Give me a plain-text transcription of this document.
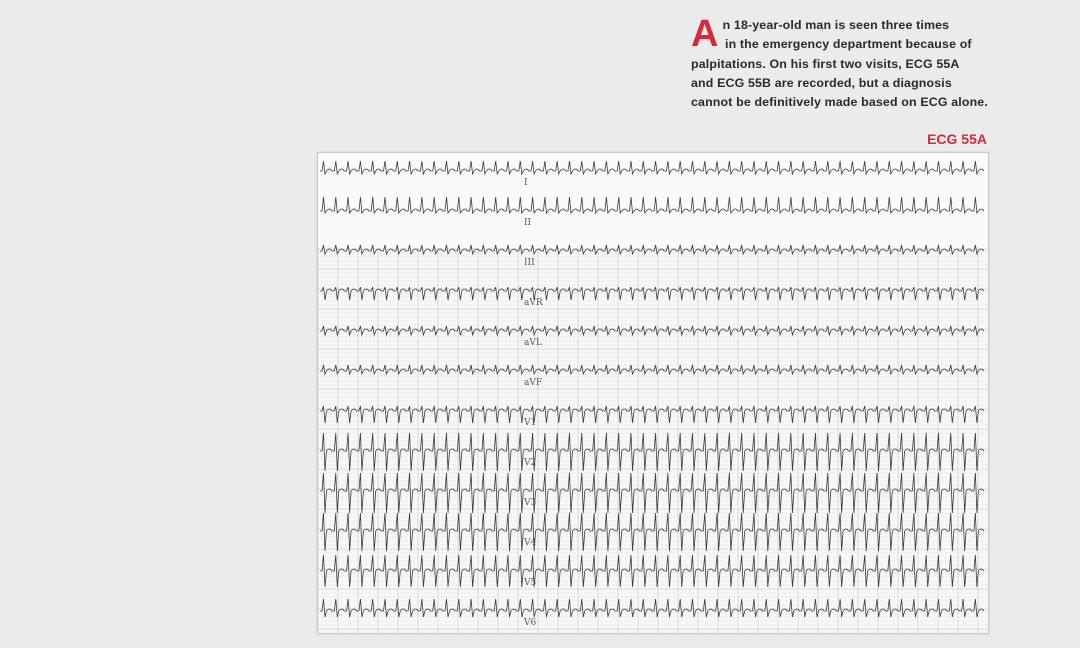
A n 18-year-old man is seen three times

in the emergency department because of

palpitations. On his first two visits, ECG 55A

and ECG 55B are recorded, but a diagnosis

cannot be definitively made based on ECG alone.

ECG 55A
I
II
III
aVR
aVL
aVF
V1
V2
V3
V4
V5
V6
